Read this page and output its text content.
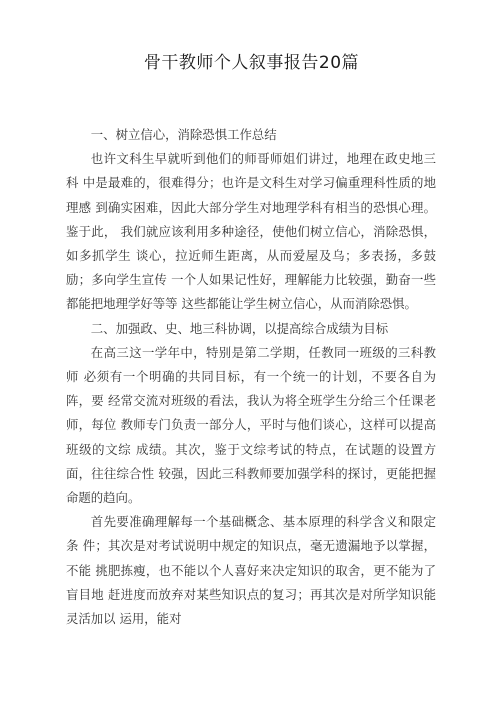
骨干教师个人叙事报告20篇

一、树立信心，消除恐惧工作总结

也许文科生早就听到他们的师哥师姐们讲过，地理在政史地三科 中是最难的，很难得分；也许是文科生对学习偏重理科性质的地理感 到确实困难，因此大部分学生对地理学科有相当的恐惧心理。鉴于此， 我们就应该利用多种途径，使他们树立信心，消除恐惧，如多抓学生 谈心，拉近师生距离，从而爱屋及乌；多表扬，多鼓励；多向学生宣传 一个人如果记性好，理解能力比较强，勤奋一些都能把地理学好等等 这些都能让学生树立信心，从而消除恐惧。

二、加强政、史、地三科协调，以提高综合成绩为目标

在高三这一学年中，特别是第二学期，任教同一班级的三科教师 必须有一个明确的共同目标，有一个统一的计划，不要各自为阵，要 经常交流对班级的看法，我认为将全班学生分给三个任课老师，每位 教师专门负责一部分人，平时与他们谈心，这样可以提高班级的文综 成绩。其次，鉴于文综考试的特点，在试题的设置方面，往往综合性 较强，因此三科教师要加强学科的探讨，更能把握命题的趋向。

首先要准确理解每一个基础概念、基本原理的科学含义和限定条 件；其次是对考试说明中规定的知识点，毫无遗漏地予以掌握，不能 挑肥拣瘦，也不能以个人喜好来决定知识的取舍，更不能为了盲目地 赶进度而放弃对某些知识点的复习；再其次是对所学知识能灵活加以 运用，能对
